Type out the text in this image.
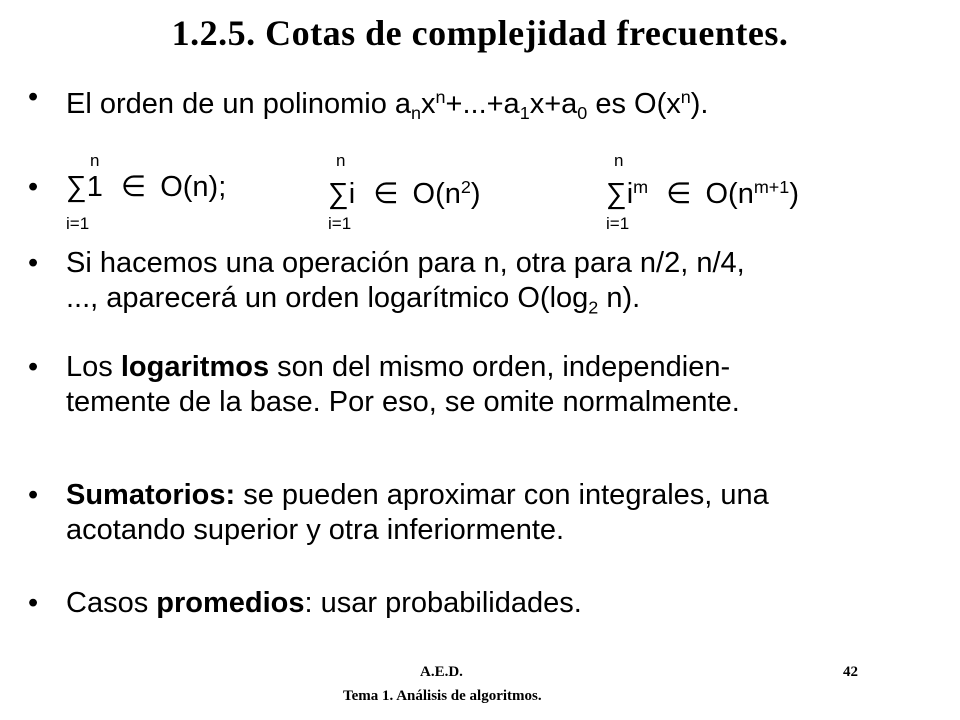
1.2.5. Cotas de complejidad frecuentes.
• El orden de un polinomio $a_nx^n+...+a_1x+a_0$ es $O(x^n)$.
•
n
∑1 ∈ O(n);
i=1
n
∑i ∈ $O(n^2)$
i=1
n
$\sum i^m$ ∈ $O(n^{m+1})$
i=1
• Si hacemos una operación para n, otra para n/2, n/4,
..., aparecerá un orden logarítmico $O(\log_2$ n).
• Los logaritmos son del mismo orden, independien-
temente de la base. Por eso, se omite normalmente.
• Sumatorios: se pueden aproximar con integrales, una
acotando superior y otra inferiormente.
• Casos promedios: usar probabilidades.
A.E.D.
Tema 1. Análisis de algoritmos.
42
